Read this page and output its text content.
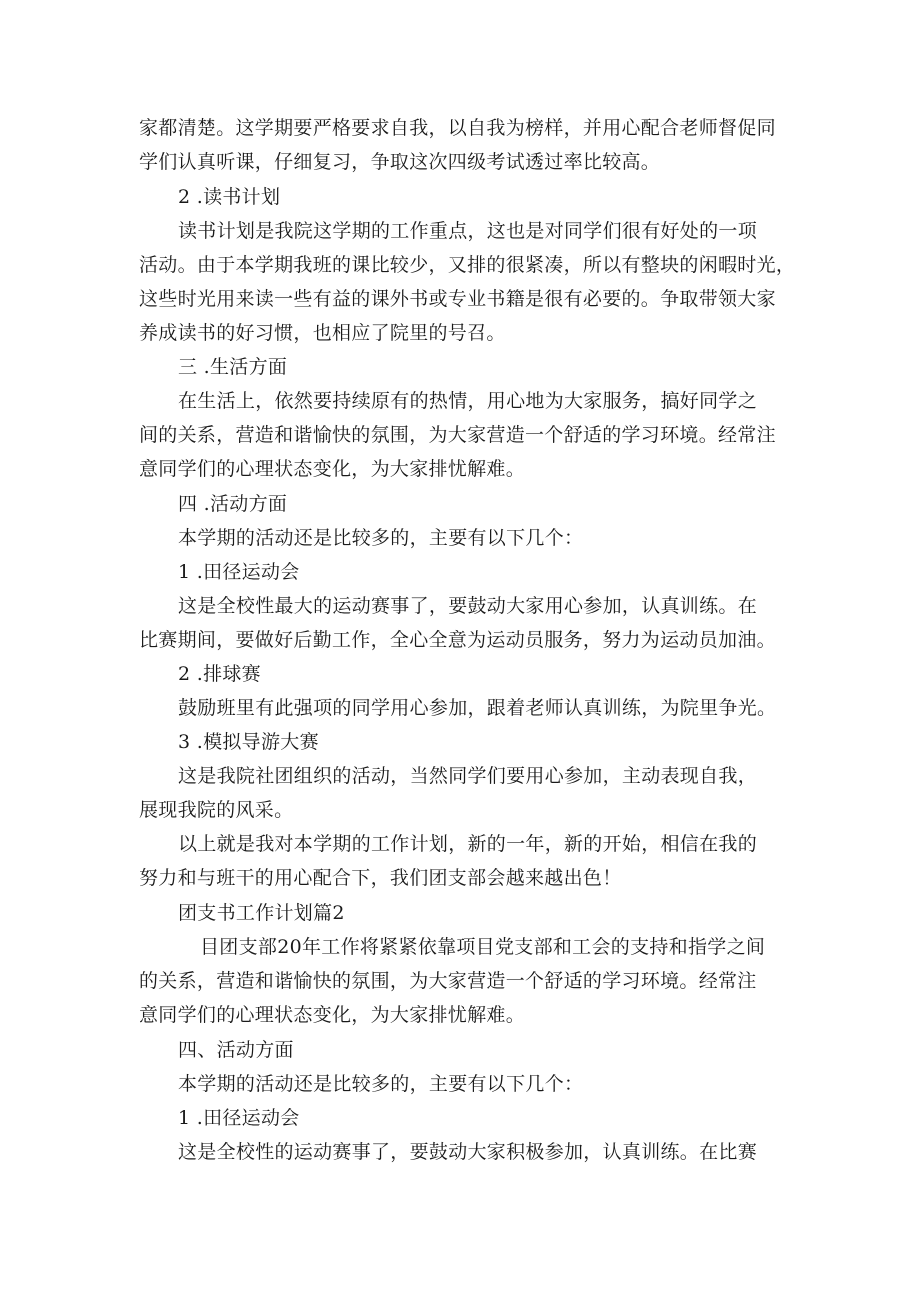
家都清楚。这学期要严格要求自我，以自我为榜样，并用心配合老师督促同
学们认真听课，仔细复习，争取这次四级考试透过率比较高。
2 .读书计划
读书计划是我院这学期的工作重点，这也是对同学们很有好处的一项
活动。由于本学期我班的课比较少，又排的很紧凑，所以有整块的闲暇时光，
这些时光用来读一些有益的课外书或专业书籍是很有必要的。争取带领大家
养成读书的好习惯，也相应了院里的号召。
三 .生活方面
在生活上，依然要持续原有的热情，用心地为大家服务，搞好同学之
间的关系，营造和谐愉快的氛围，为大家营造一个舒适的学习环境。经常注
意同学们的心理状态变化，为大家排忧解难。
四 .活动方面
本学期的活动还是比较多的，主要有以下几个：
1 .田径运动会
这是全校性最大的运动赛事了，要鼓动大家用心参加，认真训练。在
比赛期间，要做好后勤工作，全心全意为运动员服务，努力为运动员加油。
2 .排球赛
鼓励班里有此强项的同学用心参加，跟着老师认真训练，为院里争光。
3 .模拟导游大赛
这是我院社团组织的活动，当然同学们要用心参加，主动表现自我，
展现我院的风采。
以上就是我对本学期的工作计划，新的一年，新的开始，相信在我的
努力和与班干的用心配合下，我们团支部会越来越出色！
团支书工作计划篇2
目团支部20年工作将紧紧依靠项目党支部和工会的支持和指学之间
的关系，营造和谐愉快的氛围，为大家营造一个舒适的学习环境。经常注
意同学们的心理状态变化，为大家排忧解难。
四、活动方面
本学期的活动还是比较多的，主要有以下几个：
1 .田径运动会
这是全校性的运动赛事了，要鼓动大家积极参加，认真训练。在比赛
